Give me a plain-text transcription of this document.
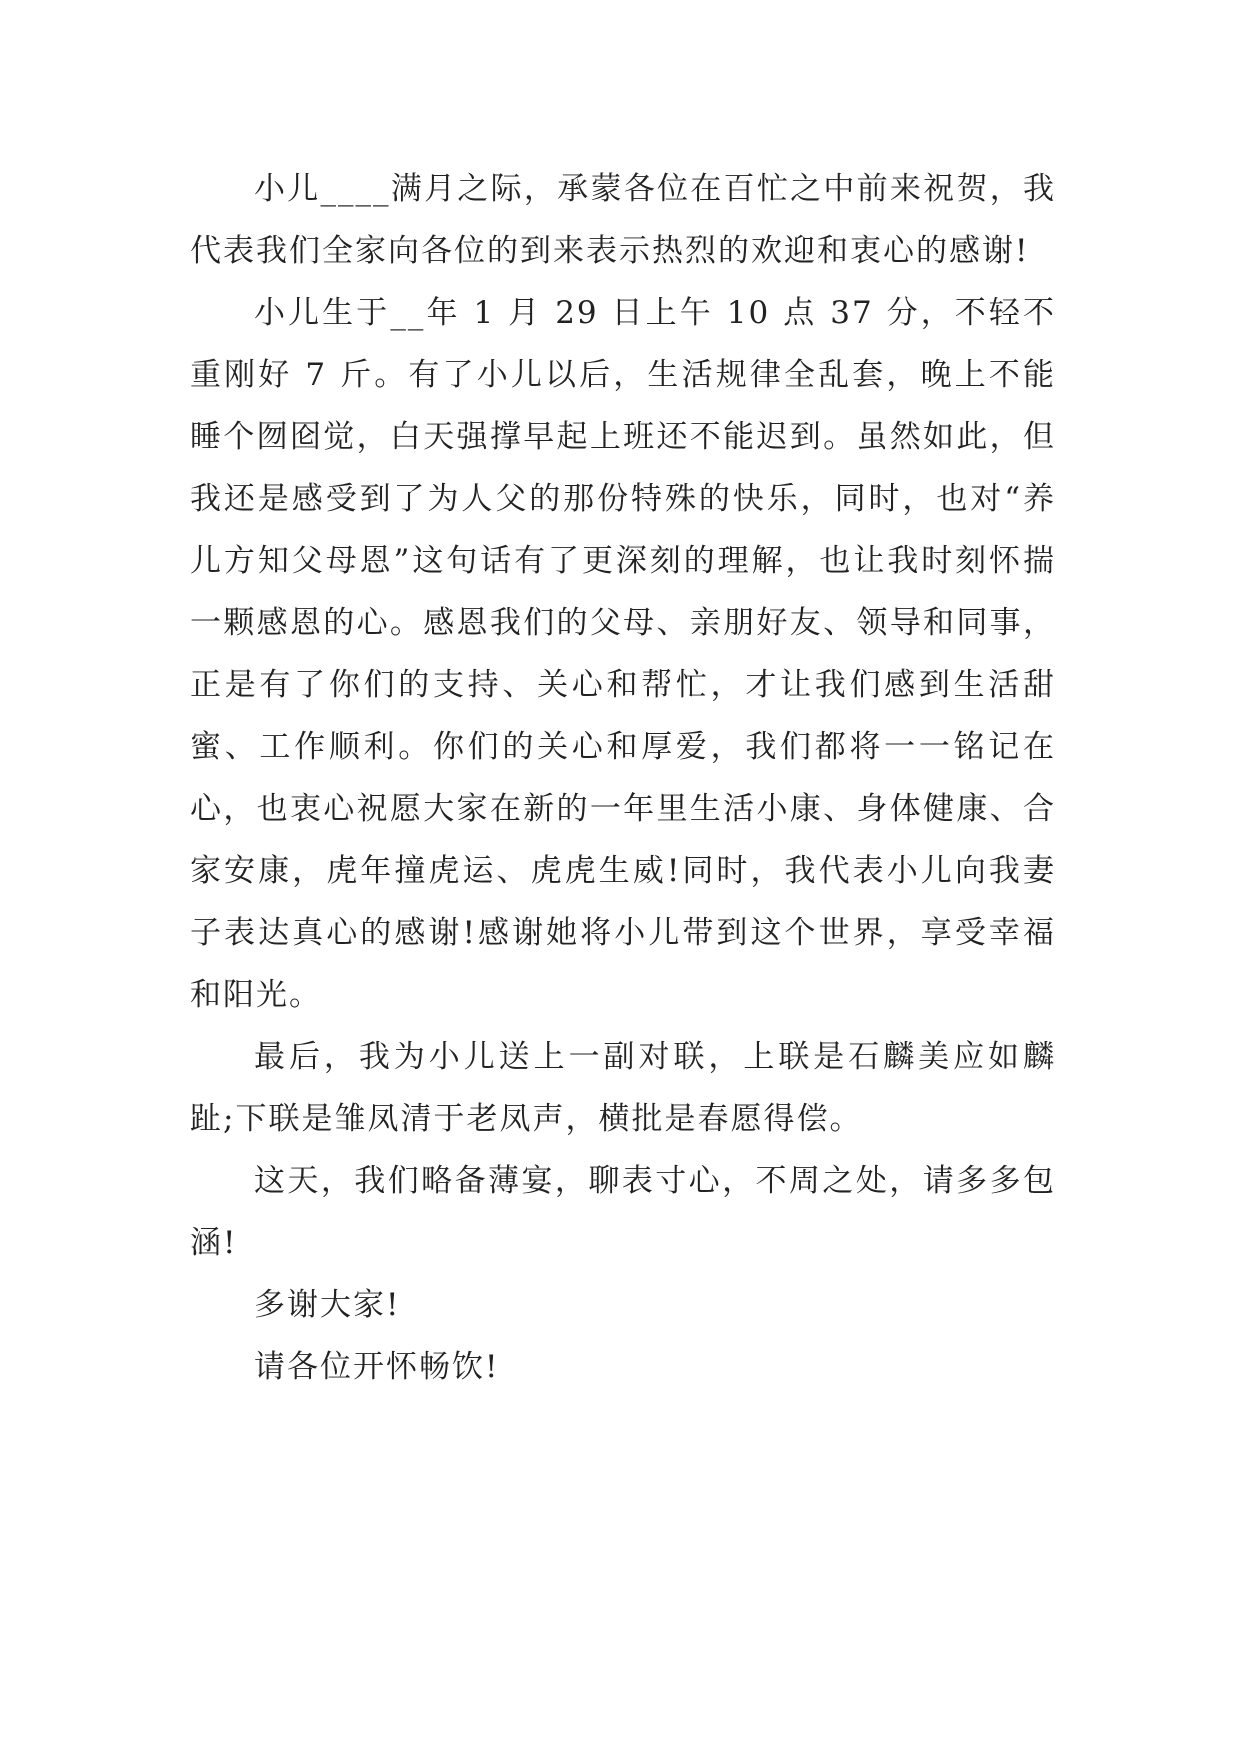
小儿____满月之际，承蒙各位在百忙之中前来祝贺，我代表我们全家向各位的到来表示热烈的欢迎和衷心的感谢!

小儿生于__年 1 月 29 日上午 10 点 37 分，不轻不重刚好 7 斤。有了小儿以后，生活规律全乱套，晚上不能睡个囫囵觉，白天强撑早起上班还不能迟到。虽然如此，但我还是感受到了为人父的那份特殊的快乐，同时，也对“养儿方知父母恩”这句话有了更深刻的理解，也让我时刻怀揣一颗感恩的心。感恩我们的父母、亲朋好友、领导和同事，正是有了你们的支持、关心和帮忙，才让我们感到生活甜蜜、工作顺利。你们的关心和厚爱，我们都将一一铭记在心，也衷心祝愿大家在新的一年里生活小康、身体健康、合家安康，虎年撞虎运、虎虎生威!同时，我代表小儿向我妻子表达真心的感谢!感谢她将小儿带到这个世界，享受幸福和阳光。

最后，我为小儿送上一副对联，上联是石麟美应如麟趾;下联是雏凤清于老凤声，横批是春愿得偿。

这天，我们略备薄宴，聊表寸心，不周之处，请多多包涵!

多谢大家!

请各位开怀畅饮!
